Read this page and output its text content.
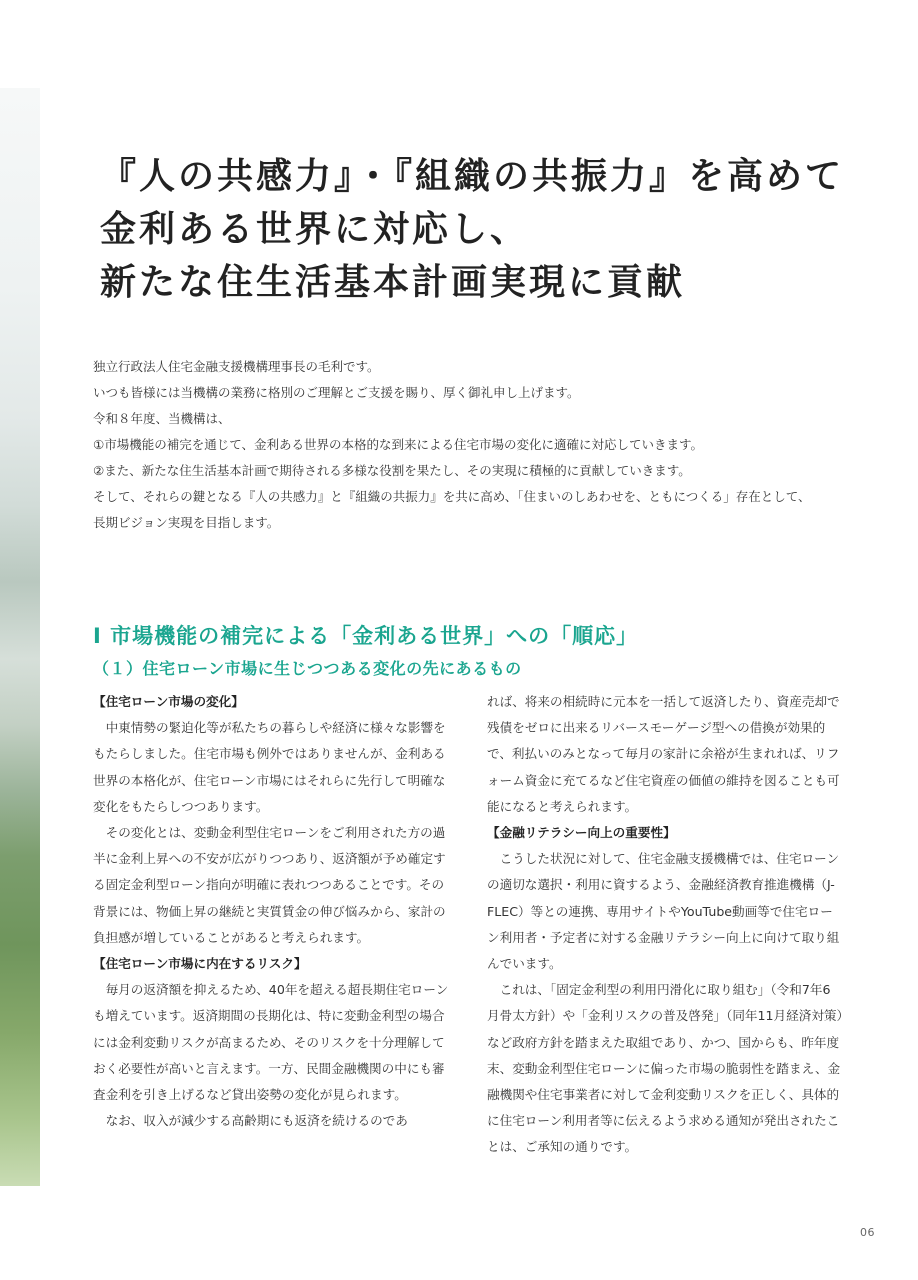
『人の共感力』・『組織の共振力』を高めて
金利ある世界に対応し、
新たな住生活基本計画実現に貢献
独立行政法人住宅金融支援機構理事長の毛利です。
いつも皆様には当機構の業務に格別のご理解とご支援を賜り、厚く御礼申し上げます。
令和８年度、当機構は、
①市場機能の補完を通じて、金利ある世界の本格的な到来による住宅市場の変化に適確に対応していきます。
②また、新たな住生活基本計画で期待される多様な役割を果たし、その実現に積極的に貢献していきます。
そして、それらの鍵となる『人の共感力』と『組織の共振力』を共に高め、「住まいのしあわせを、ともにつくる」存在として、
長期ビジョン実現を目指します。
Ⅰ 市場機能の補完による「金利ある世界」への「順応」
（１）住宅ローン市場に生じつつある変化の先にあるもの

【住宅ローン市場の変化】

中東情勢の緊迫化等が私たちの暮らしや経済に様々な影響をもたらしました。住宅市場も例外ではありませんが、金利ある世界の本格化が、住宅ローン市場にはそれらに先行して明確な変化をもたらしつつあります。

その変化とは、変動金利型住宅ローンをご利用された方の過半に金利上昇への不安が広がりつつあり、返済額が予め確定する固定金利型ローン指向が明確に表れつつあることです。その背景には、物価上昇の継続と実質賃金の伸び悩みから、家計の負担感が増していることがあると考えられます。

【住宅ローン市場に内在するリスク】

毎月の返済額を抑えるため、40年を超える超長期住宅ローンも増えています。返済期間の長期化は、特に変動金利型の場合には金利変動リスクが高まるため、そのリスクを十分理解しておく必要性が高いと言えます。一方、民間金融機関の中にも審査金利を引き上げるなど貸出姿勢の変化が見られます。

なお、収入が減少する高齢期にも返済を続けるのであ

れば、将来の相続時に元本を一括して返済したり、資産売却で残債をゼロに出来るリバースモーゲージ型への借換が効果的で、利払いのみとなって毎月の家計に余裕が生まれれば、リフォーム資金に充てるなど住宅資産の価値の維持を図ることも可能になると考えられます。

【金融リテラシー向上の重要性】

こうした状況に対して、住宅金融支援機構では、住宅ローンの適切な選択・利用に資するよう、金融経済教育推進機構（J-FLEC）等との連携、専用サイトやYouTube動画等で住宅ローン利用者・予定者に対する金融リテラシー向上に向けて取り組んでいます。

これは、「固定金利型の利用円滑化に取り組む」（令和7年6月骨太方針）や「金利リスクの普及啓発」（同年11月経済対策）など政府方針を踏まえた取組であり、かつ、国からも、昨年度末、変動金利型住宅ローンに偏った市場の脆弱性を踏まえ、金融機関や住宅事業者に対して金利変動リスクを正しく、具体的に住宅ローン利用者等に伝えるよう求める通知が発出されたことは、ご承知の通りです。

06
